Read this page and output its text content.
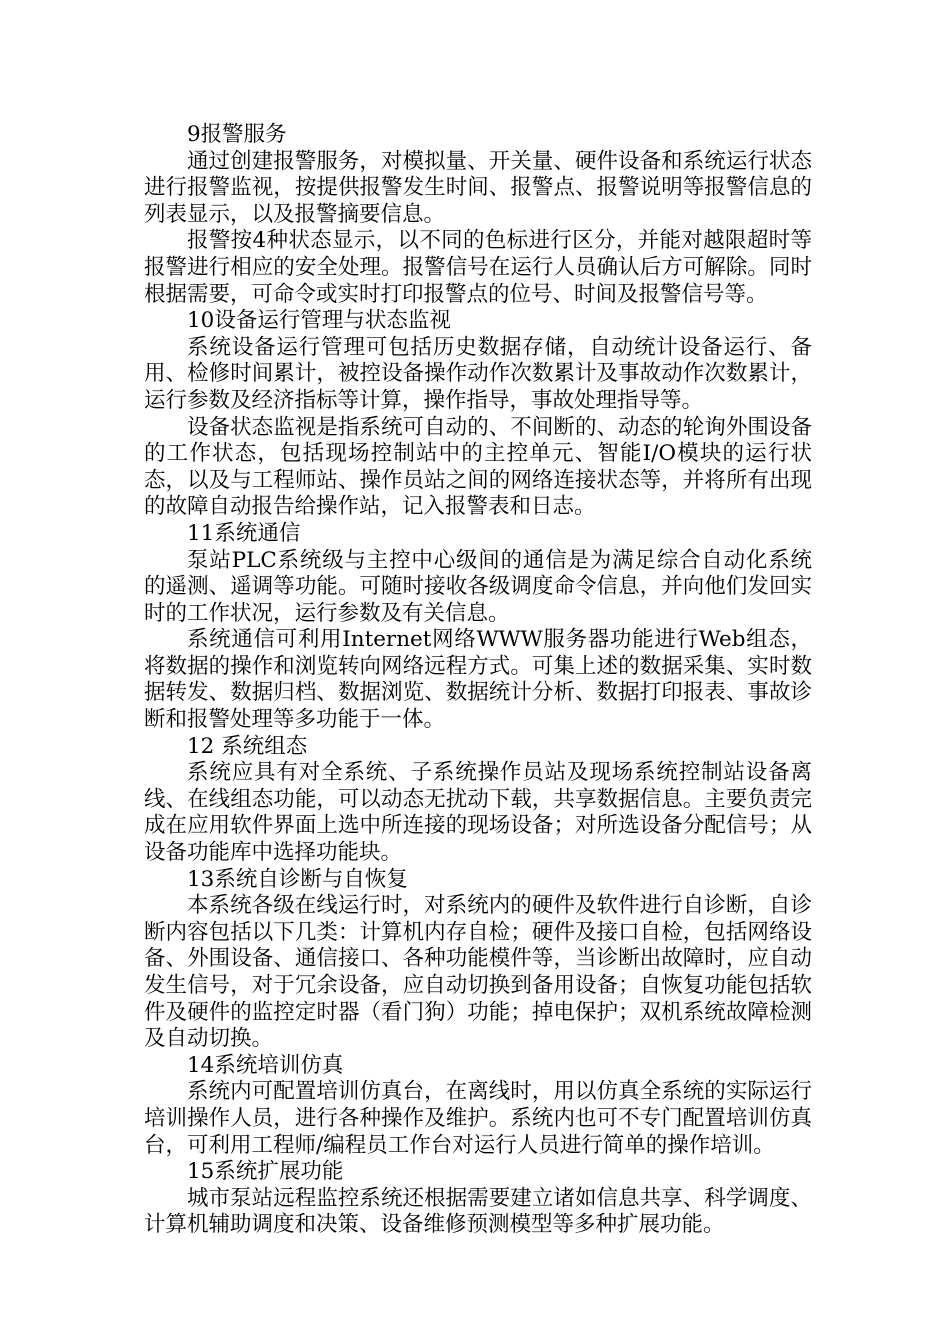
9报警服务

通过创建报警服务，对模拟量、开关量、硬件设备和系统运行状态进行报警监视，按提供报警发生时间、报警点、报警说明等报警信息的列表显示，以及报警摘要信息。

报警按4种状态显示，以不同的色标进行区分，并能对越限超时等报警进行相应的安全处理。报警信号在运行人员确认后方可解除。同时根据需要，可命令或实时打印报警点的位号、时间及报警信号等。

10设备运行管理与状态监视

系统设备运行管理可包括历史数据存储，自动统计设备运行、备用、检修时间累计，被控设备操作动作次数累计及事故动作次数累计，运行参数及经济指标等计算，操作指导，事故处理指导等。

设备状态监视是指系统可自动的、不间断的、动态的轮询外围设备的工作状态，包括现场控制站中的主控单元、智能I/O模块的运行状态，以及与工程师站、操作员站之间的网络连接状态等，并将所有出现的故障自动报告给操作站，记入报警表和日志。

11系统通信

泵站PLC系统级与主控中心级间的通信是为满足综合自动化系统的遥测、遥调等功能。可随时接收各级调度命令信息，并向他们发回实时的工作状况，运行参数及有关信息。

系统通信可利用Internet网络WWW服务器功能进行Web组态，将数据的操作和浏览转向网络远程方式。可集上述的数据采集、实时数据转发、数据归档、数据浏览、数据统计分析、数据打印报表、事故诊断和报警处理等多功能于一体。

12 系统组态

系统应具有对全系统、子系统操作员站及现场系统控制站设备离线、在线组态功能，可以动态无扰动下载，共享数据信息。主要负责完成在应用软件界面上选中所连接的现场设备；对所选设备分配信号；从设备功能库中选择功能块。

13系统自诊断与自恢复

本系统各级在线运行时，对系统内的硬件及软件进行自诊断，自诊断内容包括以下几类：计算机内存自检；硬件及接口自检，包括网络设备、外围设备、通信接口、各种功能模件等，当诊断出故障时，应自动发生信号，对于冗余设备，应自动切换到备用设备；自恢复功能包括软件及硬件的监控定时器（看门狗）功能；掉电保护；双机系统故障检测及自动切换。

14系统培训仿真

系统内可配置培训仿真台，在离线时，用以仿真全系统的实际运行培训操作人员，进行各种操作及维护。系统内也可不专门配置培训仿真台，可利用工程师/编程员工作台对运行人员进行简单的操作培训。

15系统扩展功能

城市泵站远程监控系统还根据需要建立诸如信息共享、科学调度、计算机辅助调度和决策、设备维修预测模型等多种扩展功能。
